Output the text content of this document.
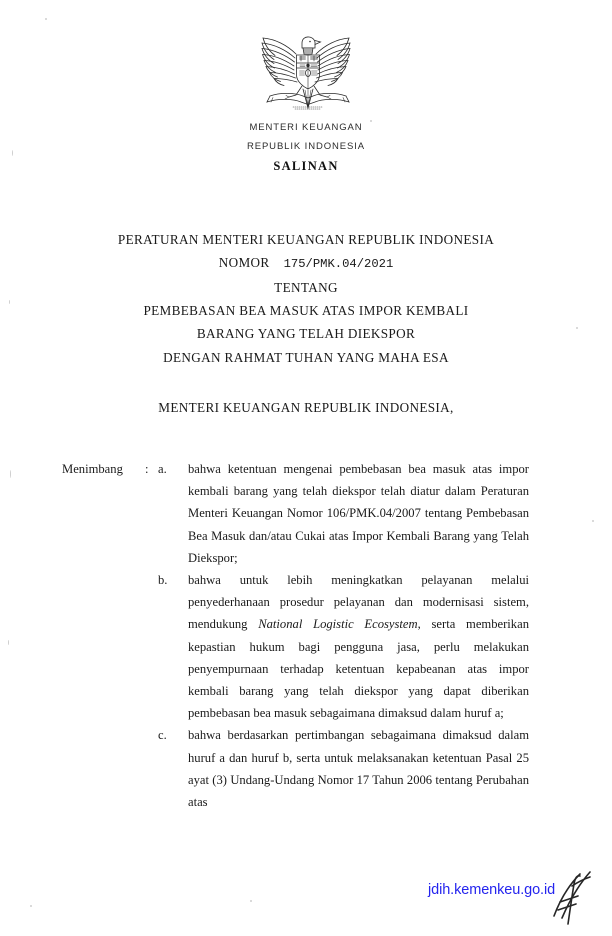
MENTERI KEUANGAN
REPUBLIK INDONESIA
SALINAN
PERATURAN MENTERI KEUANGAN REPUBLIK INDONESIA
NOMOR 175/PMK.04/2021
TENTANG
PEMBEBASAN BEA MASUK ATAS IMPOR KEMBALI
BARANG YANG TELAH DIEKSPOR
DENGAN RAHMAT TUHAN YANG MAHA ESA
MENTERI KEUANGAN REPUBLIK INDONESIA,
Menimbang	: a.	bahwa ketentuan mengenai pembebasan bea masuk atas impor kembali barang yang telah diekspor telah diatur dalam Peraturan Menteri Keuangan Nomor 106/PMK.04/2007 tentang Pembebasan Bea Masuk dan/atau Cukai atas Impor Kembali Barang yang Telah Diekspor;
b.	bahwa untuk lebih meningkatkan pelayanan melalui penyederhanaan prosedur pelayanan dan modernisasi sistem, mendukung National Logistic Ecosystem, serta memberikan kepastian hukum bagi pengguna jasa, perlu melakukan penyempurnaan terhadap ketentuan kepabeanan atas impor kembali barang yang telah diekspor yang dapat diberikan pembebasan bea masuk sebagaimana dimaksud dalam huruf a;
c.	bahwa berdasarkan pertimbangan sebagaimana dimaksud dalam huruf a dan huruf b, serta untuk melaksanakan ketentuan Pasal 25 ayat (3) Undang-Undang Nomor 17 Tahun 2006 tentang Perubahan atas
jdih.kemenkeu.go.id
